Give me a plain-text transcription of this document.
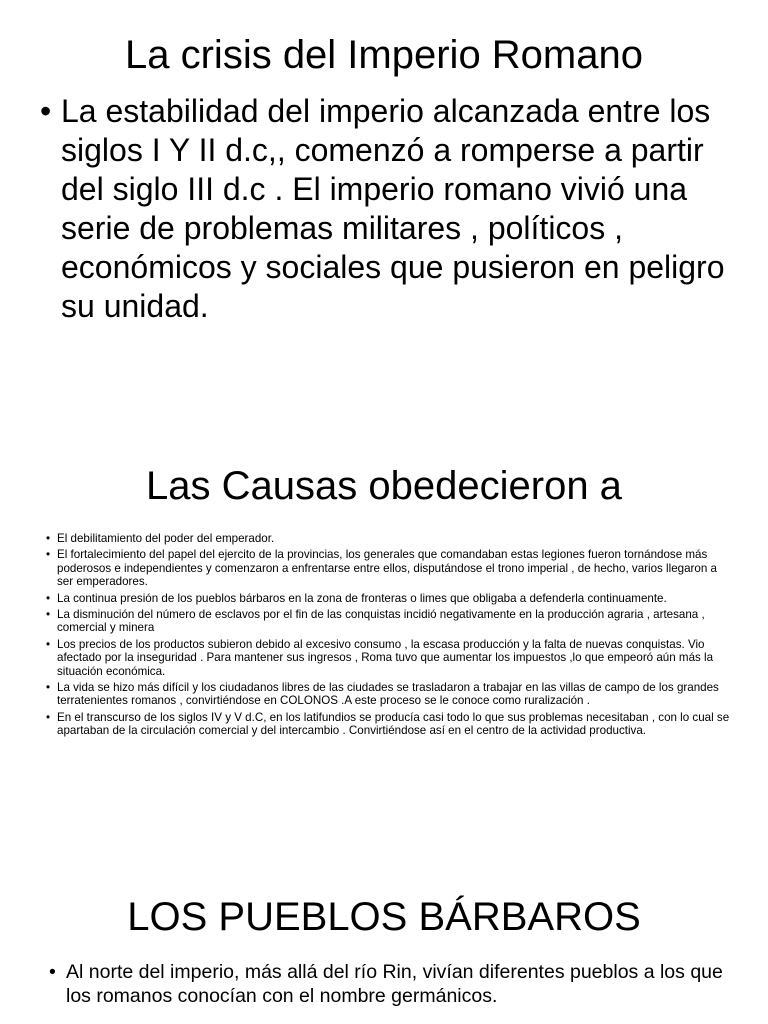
La crisis del Imperio Romano
• La estabilidad del imperio alcanzada entre los siglos I Y II d.c,, comenzó a romperse a partir del siglo III d.c . El imperio romano vivió una serie de problemas militares , políticos , económicos y sociales que pusieron en peligro su unidad.
Las Causas obedecieron a
• El debilitamiento del poder del emperador.
• El fortalecimiento del papel del ejercito de la provincias, los generales que comandaban estas legiones fueron tornándose más poderosos e independientes y comenzaron a enfrentarse entre ellos, disputándose el trono imperial , de hecho, varios llegaron a ser emperadores.
• La continua presión de los pueblos bárbaros en la zona de fronteras o limes que obligaba a defenderla continuamente.
• La disminución del número de esclavos por el fin de las conquistas incidió negativamente en la producción agraria , artesana , comercial y minera
• Los precios de los productos subieron debido al excesivo consumo , la escasa producción y la falta de nuevas conquistas. Vio afectado por la inseguridad . Para mantener sus ingresos , Roma tuvo que aumentar los impuestos ,lo que empeoró aún más la situación económica.
• La vida se hizo más difícil y los ciudadanos libres de las ciudades se trasladaron a trabajar en las villas de campo de los grandes terratenientes romanos , convirtiéndose en COLONOS .A este proceso se le conoce como ruralización .
• En el transcurso de los siglos IV y V d.C, en los latifundios se producía casi todo lo que sus problemas necesitaban , con lo cual se apartaban de la circulación comercial y del intercambio . Convirtiéndose así en el centro de la actividad productiva.
LOS PUEBLOS BÁRBAROS
• Al norte del imperio, más allá del río Rin, vivían diferentes pueblos a los que los romanos conocían con el nombre germánicos.
